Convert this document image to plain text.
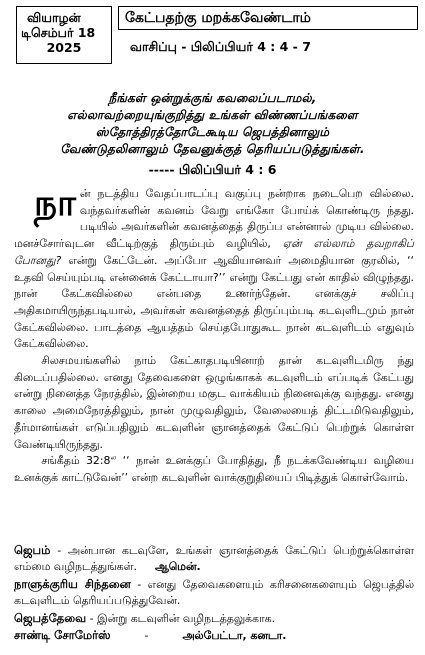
வியாழன்
டிசெம்பர் 18
2025
கேட்பதற்கு மறக்கவேண்டாம்
வாசிப்பு - பிலிப்பியர் 4 : 4 - 7
நீங்கள் ஒன்றுக்குங் கவலைப்படாமல்,
எல்லாவற்றையுங்குறித்து உங்கள் விண்ணப்பங்களை
ஸ்தோத்திரத்தோடேகூடிய ஜெபத்தினாலும்
வேண்டுதலினாலும் தேவனுக்குத் தெரியப்படுத்துங்கள்.
----- பிலிப்பியர் 4 : 6

நான் நடத்திய வேதப்பாடப்பு வகுப்பு நன்றாக நடைபெற வில்லை. வந்தவர்களின் கவனம் வேறு எங்கோ போய்க் கொண்டிரு ந்தது. படியில் அவர்களின் கவனத்தைத் திருப்ப என்னால் முடிய வில்லை. மனச்சோர்வுடன வீட்டிற்குத் திரும்பும் வழியில், ஏன் எல்லாம் தவறாகிப் போனது? என்று கேட்டேன். அப்போ ஆவியானவர் அமைதியான குரலில், ‘‘ உதவி செய்யும்படி என்னைக் கேட்டாயா?’’ என்று கேட்பது என் காதில் விழுந்தது. நான் கேட்கவில்லை என்பதை உணர்ந்தேன். எனக்குச் சலிப்பு அதிகமாயிருந்தபடியால், அவர்கள் கவனத்தைத் திருப்பும்படி கடவுளிடமும் நான் கேட்கவில்லை. பாடத்தை ஆயத்தம் செய்தபோதுகூட நான் கடவுளிடம் எதுவும் கேட்கவில்லை.

   சிலசமயங்களில் நாம் கேட்காதபடியினாற் தான் கடவுளிடமிரு ந்து கிடைப்பதில்லை. எனது தேவைகளை ஒழுங்காகக் கடவுளிடம் எப்படிக் கேட்பது என்று நினைத்த நேரத்தில், இன்றைய மகுட வாக்கியம் நினைவுக்கு வந்தது. எனது காலை அமைநேரத்திலும், நான் முழுவதிலும், வேலையைத் திட்டமிடுவதிலும், தீர்மானங்கள் எடுப்பதிலும் கடவுளின் ஞானத்தைக் கேட்டுப் பெற்றுக் கொள்ள வேண்டியிருந்தது.

   சங்கீதம் $32:8^ல$ ‘‘ நான் உனக்குப் போதித்து, நீ நடக்கவேண்டிய வழியை உனக்குக் காட்டுவேன்’’ என்ற கடவுளின் வாக்குறுதியைப் பிடித்துக் கொள்வோம்.

ஜெபம் - அன்பான கடவுளே, உங்கள் ஞானத்தைக் கேட்டுப் பெற்றுக்கொள்ள எம்மை வழிநடத்துங்கள். ஆமென்.

நாளுக்குரிய சிந்தனை - எனது தேவைகளையும் கரிசனைகளையும் ஜெபத்தில் கடவுளிடம் தெரியப்படுத்துவேன்.

ஜெபத்தேவை - இன்று கடவுளின் வழிநடத்தலுக்காக.

சாண்டி சோமேர்ஸ்	-	அல்பேட்டா, கனடா.
